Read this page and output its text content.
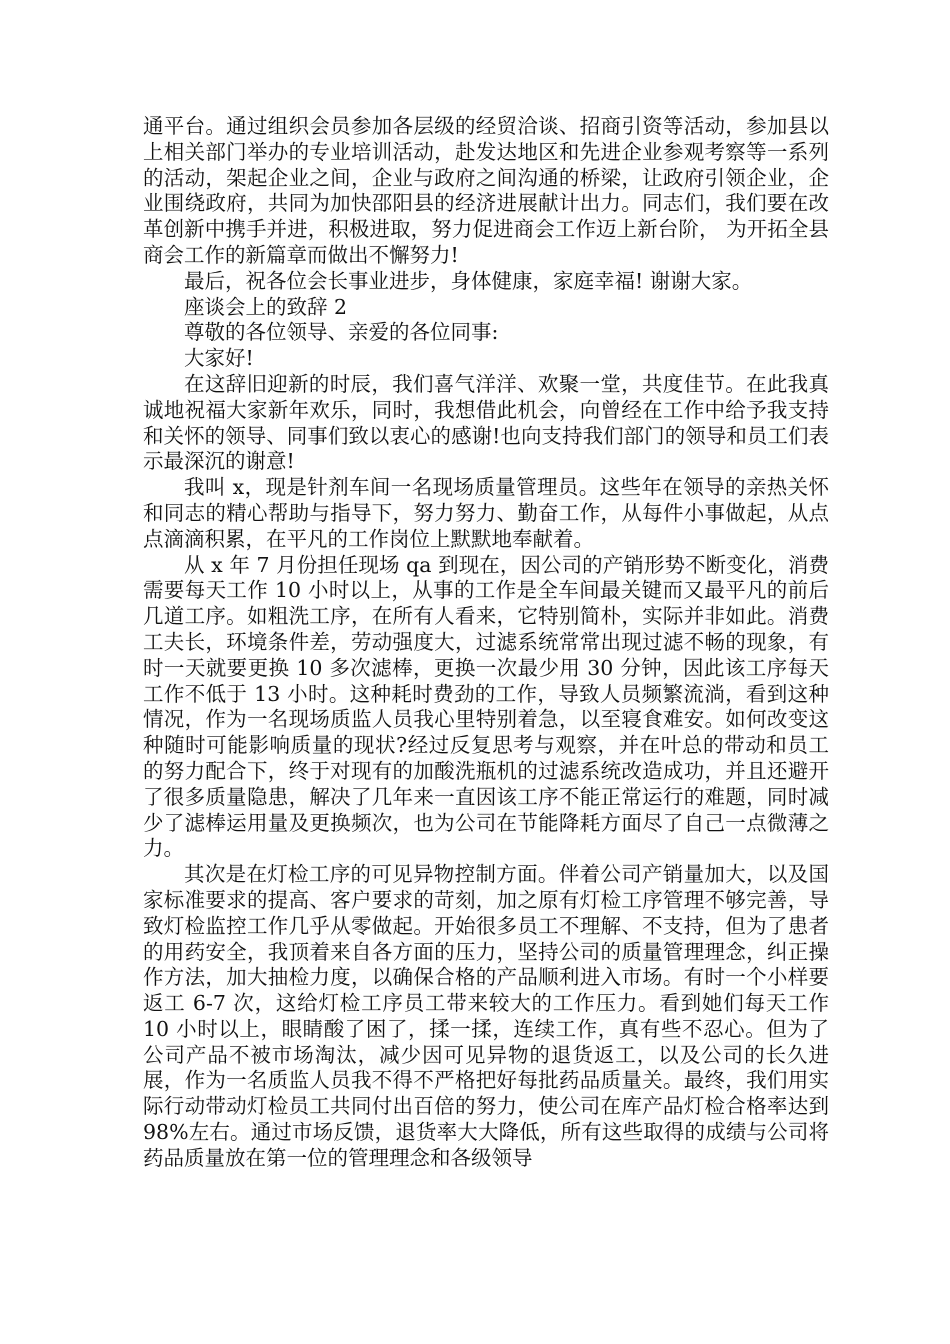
通平台。通过组织会员参加各层级的经贸洽谈、招商引资等活动，参加县以上相关部门举办的专业培训活动，赴发达地区和先进企业参观考察等一系列的活动，架起企业之间，企业与政府之间沟通的桥梁，让政府引领企业，企业围绕政府，共同为加快邵阳县的经济进展献计出力。同志们，我们要在改革创新中携手并进，积极进取，努力促进商会工作迈上新台阶， 为开拓全县商会工作的新篇章而做出不懈努力!

最后，祝各位会长事业进步，身体健康，家庭幸福! 谢谢大家。

座谈会上的致辞 2

尊敬的各位领导、亲爱的各位同事:

大家好!

在这辞旧迎新的时辰，我们喜气洋洋、欢聚一堂，共度佳节。在此我真诚地祝福大家新年欢乐，同时，我想借此机会，向曾经在工作中给予我支持和关怀的领导、同事们致以衷心的感谢!也向支持我们部门的领导和员工们表示最深沉的谢意!

我叫 x，现是针剂车间一名现场质量管理员。这些年在领导的亲热关怀和同志的精心帮助与指导下，努力努力、勤奋工作，从每件小事做起，从点点滴滴积累，在平凡的工作岗位上默默地奉献着。

从 x 年 7 月份担任现场 qa 到现在，因公司的产销形势不断变化，消费需要每天工作 10 小时以上，从事的工作是全车间最关键而又最平凡的前后几道工序。如粗洗工序，在所有人看来，它特别简朴，实际并非如此。消费工夫长，环境条件差，劳动强度大，过滤系统常常出现过滤不畅的现象，有时一天就要更换 10 多次滤棒，更换一次最少用 30 分钟，因此该工序每天工作不低于 13 小时。这种耗时费劲的工作，导致人员频繁流淌，看到这种情况，作为一名现场质监人员我心里特别着急，以至寝食难安。如何改变这种随时可能影响质量的现状?经过反复思考与观察，并在叶总的带动和员工的努力配合下，终于对现有的加酸洗瓶机的过滤系统改造成功，并且还避开了很多质量隐患，解决了几年来一直因该工序不能正常运行的难题，同时减少了滤棒运用量及更换频次，也为公司在节能降耗方面尽了自己一点微薄之力。

其次是在灯检工序的可见异物控制方面。伴着公司产销量加大，以及国家标准要求的提高、客户要求的苛刻，加之原有灯检工序管理不够完善，导致灯检监控工作几乎从零做起。开始很多员工不理解、不支持，但为了患者的用药安全，我顶着来自各方面的压力，坚持公司的质量管理理念，纠正操作方法，加大抽检力度，以确保合格的产品顺利进入市场。有时一个小样要返工 6-7 次，这给灯检工序员工带来较大的工作压力。看到她们每天工作 10 小时以上，眼睛酸了困了，揉一揉，连续工作，真有些不忍心。但为了公司产品不被市场淘汰，减少因可见异物的退货返工，以及公司的长久进展，作为一名质监人员我不得不严格把好每批药品质量关。最终，我们用实际行动带动灯检员工共同付出百倍的努力，使公司在库产品灯检合格率达到 98%左右。通过市场反馈，退货率大大降低，所有这些取得的成绩与公司将药品质量放在第一位的管理理念和各级领导
